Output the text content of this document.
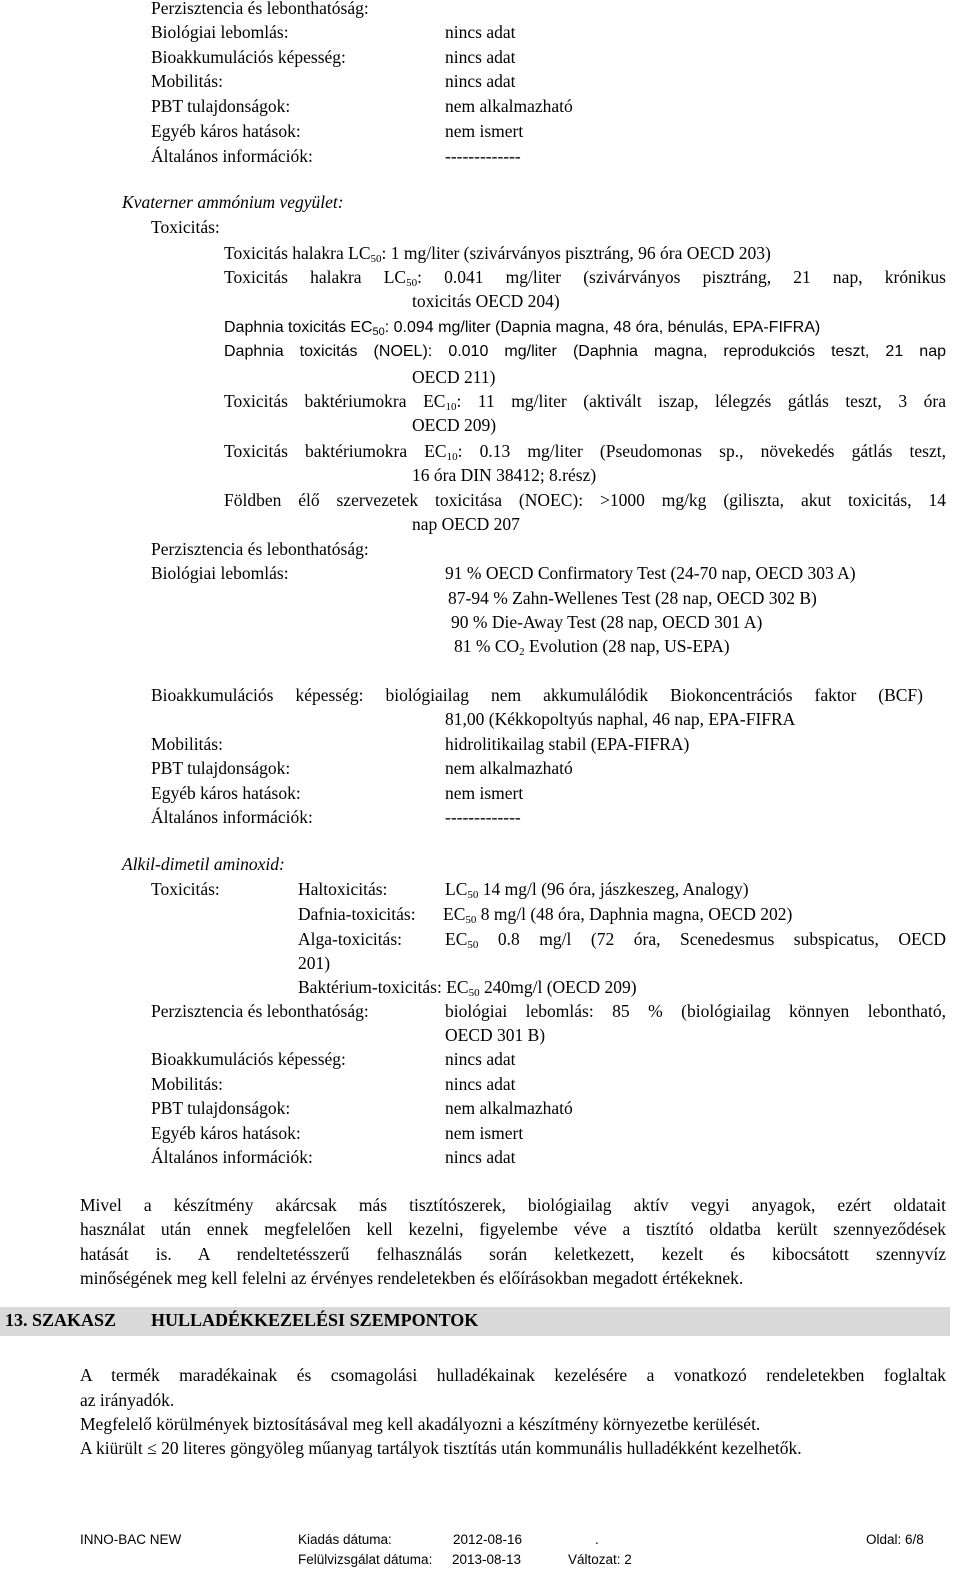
Perzisztencia és lebonthatóság:
Biológiai lebomlás:	nincs adat
Bioakkumulációs képesség:	nincs adat
Mobilitás:	nincs adat
PBT tulajdonságok:	nem alkalmazható
Egyéb káros hatások:	nem ismert
Általános információk:	-------------
Kvaterner ammónium vegyület:
Toxicitás:
Toxicitás halakra $LC_{50}$: 1 mg/liter (szivárványos pisztráng, 96 óra OECD 203)
Toxicitás halakra $LC_{50}$: 0.041 mg/liter (szivárványos pisztráng, 21 nap, krónikus
toxicitás OECD 204)
Daphnia toxicitás $EC_{50}$: 0.094 mg/liter (Dapnia magna, 48 óra, bénulás, EPA-FIFRA)
Daphnia toxicitás (NOEL): 0.010 mg/liter (Daphnia magna, reprodukciós teszt, 21 nap
OECD 211)
Toxicitás baktériumokra $EC_{10}$: 11 mg/liter (aktivált iszap, lélegzés gátlás teszt, 3 óra
OECD 209)
Toxicitás baktériumokra $EC_{10}$: 0.13 mg/liter (Pseudomonas sp., növekedés gátlás teszt,
16 óra DIN 38412; 8.rész)
Földben élő szervezetek toxicitása (NOEC): >1000 mg/kg (giliszta, akut toxicitás, 14
nap OECD 207
Perzisztencia és lebonthatóság:
Biológiai lebomlás:	91 % OECD Confirmatory Test (24-70 nap, OECD 303 A)
87-94 % Zahn-Wellenes Test (28 nap, OECD 302 B)
90 % Die-Away Test (28 nap, OECD 301 A)
81 % $CO_2$ Evolution (28 nap, US-EPA)
Bioakkumulációs képesség: biológiailag nem akkumulálódik Biokoncentrációs faktor (BCF)
81,00 (Kékkopoltyús naphal, 46 nap, EPA-FIFRA
Mobilitás:	hidrolitikailag stabil (EPA-FIFRA)
PBT tulajdonságok:	nem alkalmazható
Egyéb káros hatások:	nem ismert
Általános információk:	-------------
Alkil-dimetil aminoxid:
Toxicitás:	Haltoxicitás:	$LC_{50}$ 14 mg/l (96 óra, jászkeszeg, Analogy)
Dafnia-toxicitás: $EC_{50}$ 8 mg/l (48 óra, Daphnia magna, OECD 202)
Alga-toxicitás: $EC_{50}$ 0.8 mg/l (72 óra, Scenedesmus subspicatus, OECD
201)
Baktérium-toxicitás: $EC_{50}$ 240mg/l (OECD 209)
Perzisztencia és lebonthatóság:	biológiai lebomlás: 85 % (biológiailag könnyen lebontható,
OECD 301 B)
Bioakkumulációs képesség:	nincs adat
Mobilitás:	nincs adat
PBT tulajdonságok:	nem alkalmazható
Egyéb káros hatások:	nem ismert
Általános információk:	nincs adat
Mivel a készítmény akárcsak más tisztítószerek, biológiailag aktív vegyi anyagok, ezért oldatait
használat után ennek megfelelően kell kezelni, figyelembe véve a tisztító oldatba került szennyeződések
hatását is. A rendeltetésszerű felhasználás során keletkezett, kezelt és kibocsátott szennyvíz
minőségének meg kell felelni az érvényes rendeletekben és előírásokban megadott értékeknek.
13. SZAKASZ HULLADÉKKEZELÉSI SZEMPONTOK
A termék maradékainak és csomagolási hulladékainak kezelésére a vonatkozó rendeletekben foglaltak
az irányadók.
Megfelelő körülmények biztosításával meg kell akadályozni a készítmény környezetbe kerülését.
A kiürült ≤ 20 literes göngyöleg műanyag tartályok tisztítás után kommunális hulladékként kezelhetők.
INNO-BAC NEW	Kiadás dátuma:	2012-08-16	.	Oldal: 6/8
Felülvizsgálat dátuma: 2013-08-13	Változat: 2
